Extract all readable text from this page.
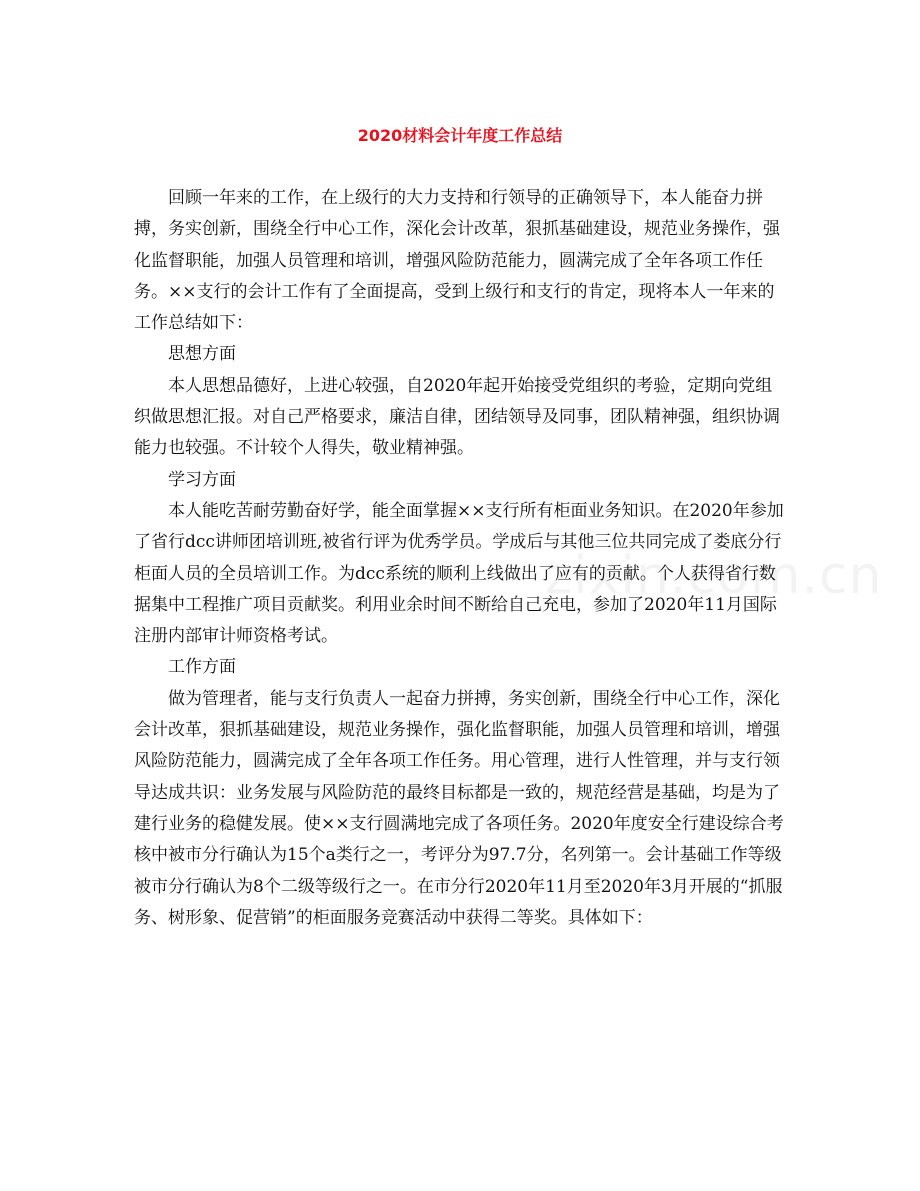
2020材料会计年度工作总结

回顾一年来的工作，在上级行的大力支持和行领导的正确领导下，本人能奋力拼搏，务实创新，围绕全行中心工作，深化会计改革，狠抓基础建设，规范业务操作，强化监督职能，加强人员管理和培训，增强风险防范能力，圆满完成了全年各项工作任务。××支行的会计工作有了全面提高，受到上级行和支行的肯定，现将本人一年来的工作总结如下：

思想方面

本人思想品德好，上进心较强，自2020年起开始接受党组织的考验，定期向党组织做思想汇报。对自己严格要求，廉洁自律，团结领导及同事，团队精神强，组织协调能力也较强。不计较个人得失，敬业精神强。

学习方面

本人能吃苦耐劳勤奋好学，能全面掌握××支行所有柜面业务知识。在2020年参加了省行dcc讲师团培训班,被省行评为优秀学员。学成后与其他三位共同完成了娄底分行柜面人员的全员培训工作。为dcc系统的顺利上线做出了应有的贡献。个人获得省行数据集中工程推广项目贡献奖。利用业余时间不断给自己充电，参加了2020年11月国际注册内部审计师资格考试。

工作方面

做为管理者，能与支行负责人一起奋力拼搏，务实创新，围绕全行中心工作，深化会计改革，狠抓基础建设，规范业务操作，强化监督职能，加强人员管理和培训，增强风险防范能力，圆满完成了全年各项工作任务。用心管理，进行人性管理，并与支行领导达成共识：业务发展与风险防范的最终目标都是一致的，规范经营是基础，均是为了建行业务的稳健发展。使××支行圆满地完成了各项任务。2020年度安全行建设综合考核中被市分行确认为15个a类行之一，考评分为97.7分，名列第一。会计基础工作等级被市分行确认为8个二级等级行之一。在市分行2020年11月至2020年3月开展的“抓服务、树形象、促营销”的柜面服务竞赛活动中获得二等奖。具体如下：
